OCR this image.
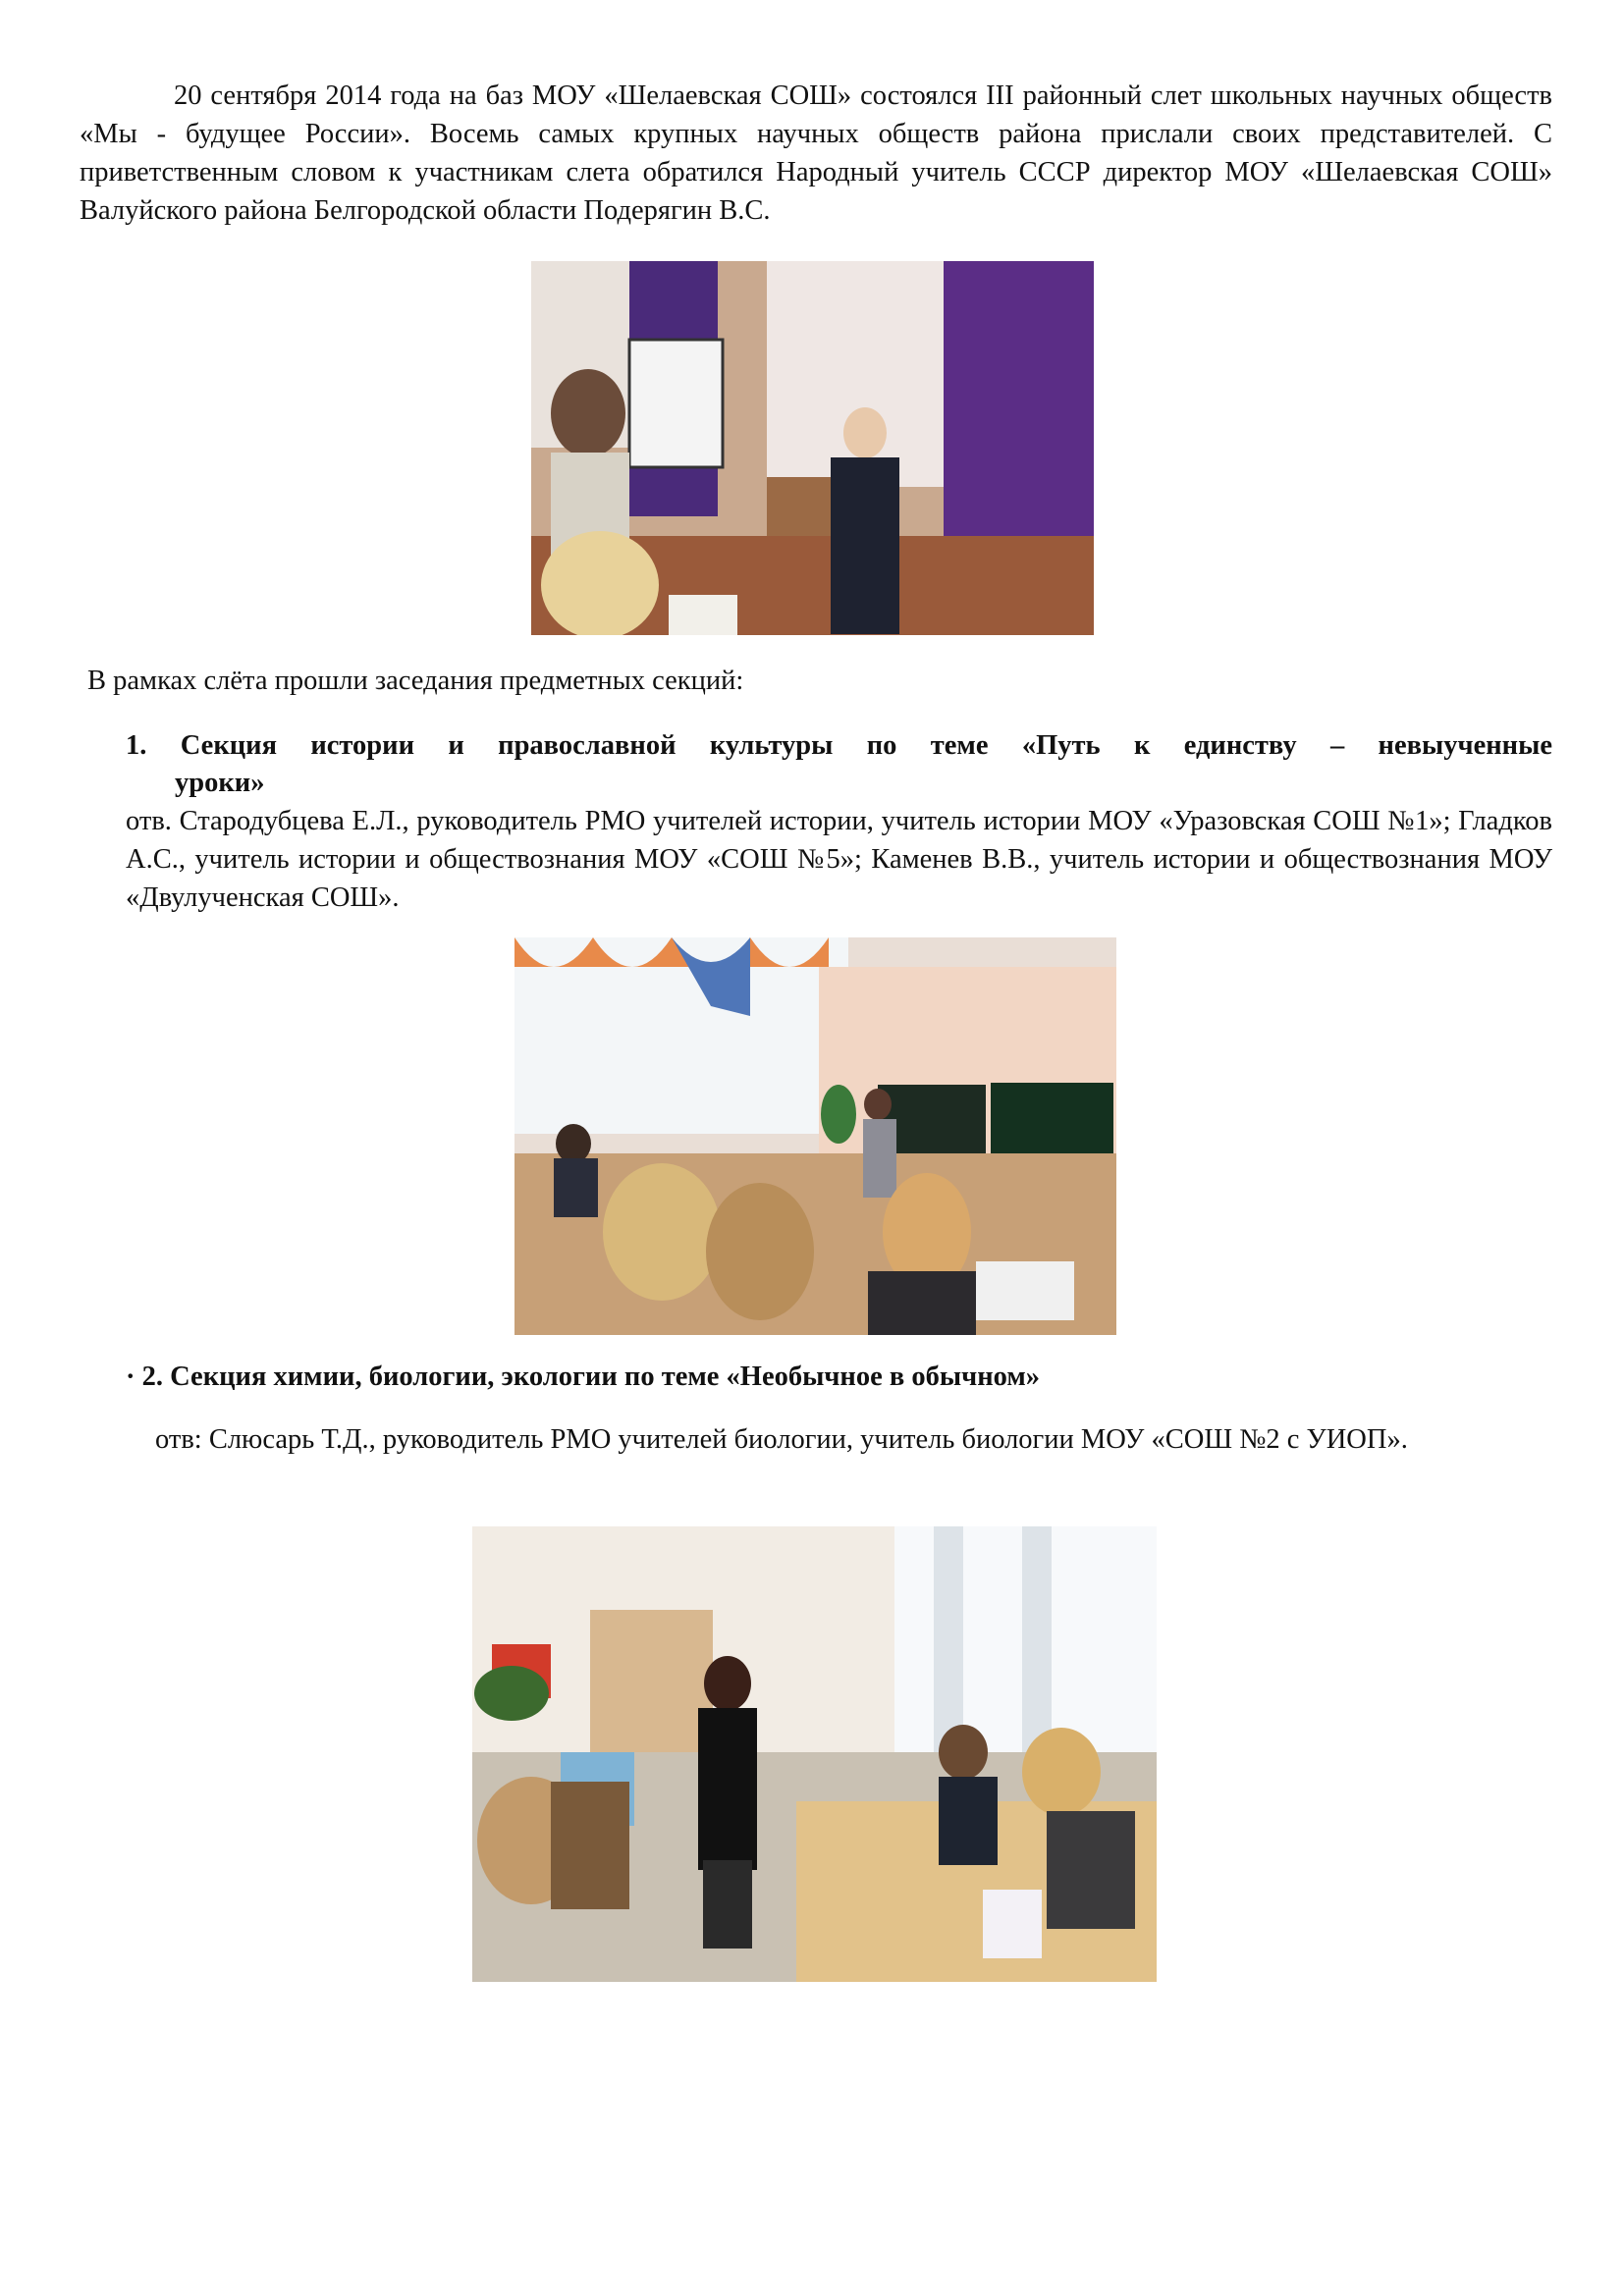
20 сентября 2014 года на баз МОУ «Шелаевская СОШ» состоялся III районный слет школьных научных обществ «Мы - будущее России». Восемь самых крупных научных обществ района прислали своих представителей. С приветственным словом к участникам слета обратился Народный учитель СССР директор МОУ «Шелаевская СОШ» Валуйского района Белгородской области Подерягин В.С.

В рамках слёта прошли заседания предметных секций:

1. Секция истории и православной культуры по теме «Путь к единству – невыученные

уроки»

отв. Стародубцева Е.Л., руководитель РМО учителей истории, учитель истории МОУ «Уразовская СОШ №1»; Гладков А.С., учитель истории и обществознания МОУ «СОШ №5»; Каменев В.В., учитель истории и обществознания МОУ «Двулученская СОШ».

· 2. Секция химии, биологии, экологии по теме «Необычное в обычном»

отв: Слюсарь Т.Д., руководитель РМО учителей биологии, учитель биологии МОУ «СОШ №2 с УИОП».
